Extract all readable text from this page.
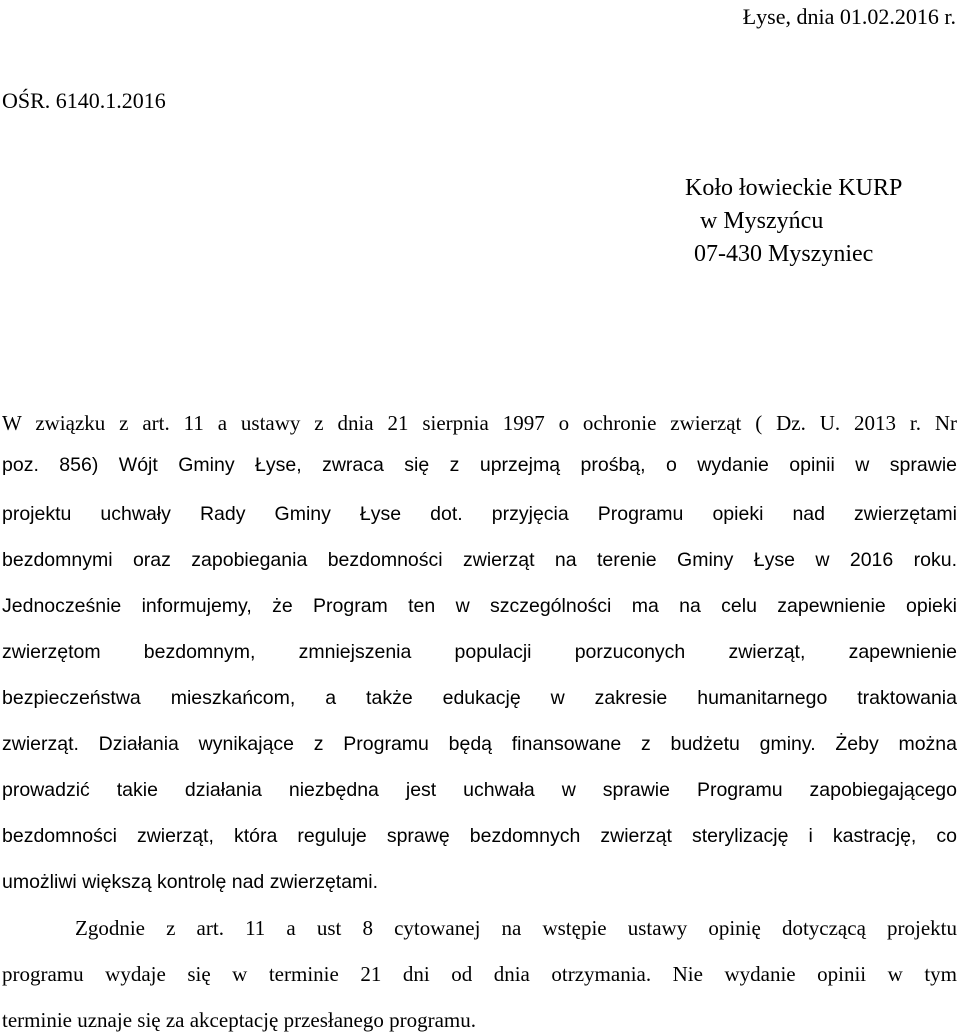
Łyse, dnia 01.02.2016 r.
OŚR. 6140.1.2016
Koło łowieckie KURP
w Myszyńcu
07-430 Myszyniec
W związku z art. 11 a ustawy z dnia 21 sierpnia 1997 o ochronie zwierząt ( Dz. U. 2013 r. Nr
poz. 856) Wójt Gminy Łyse, zwraca się z uprzejmą prośbą, o wydanie opinii w sprawie
projektu uchwały Rady Gminy Łyse dot. przyjęcia Programu opieki nad zwierzętami
bezdomnymi oraz zapobiegania bezdomności zwierząt na terenie Gminy Łyse w 2016 roku.
Jednocześnie informujemy, że Program ten w szczególności ma na celu zapewnienie opieki
zwierzętom bezdomnym, zmniejszenia populacji porzuconych zwierząt, zapewnienie
bezpieczeństwa mieszkańcom, a także edukację w zakresie humanitarnego traktowania
zwierząt. Działania wynikające z Programu będą finansowane z budżetu gminy. Żeby można
prowadzić takie działania niezbędna jest uchwała w sprawie Programu zapobiegającego
bezdomności zwierząt, która reguluje sprawę bezdomnych zwierząt sterylizację i kastrację, co
umożliwi większą kontrolę nad zwierzętami.
Zgodnie z art. 11 a ust 8 cytowanej na wstępie ustawy opinię dotyczącą projektu
programu wydaje się w terminie 21 dni od dnia otrzymania. Nie wydanie opinii w tym
terminie uznaje się za akceptację przesłanego programu.
